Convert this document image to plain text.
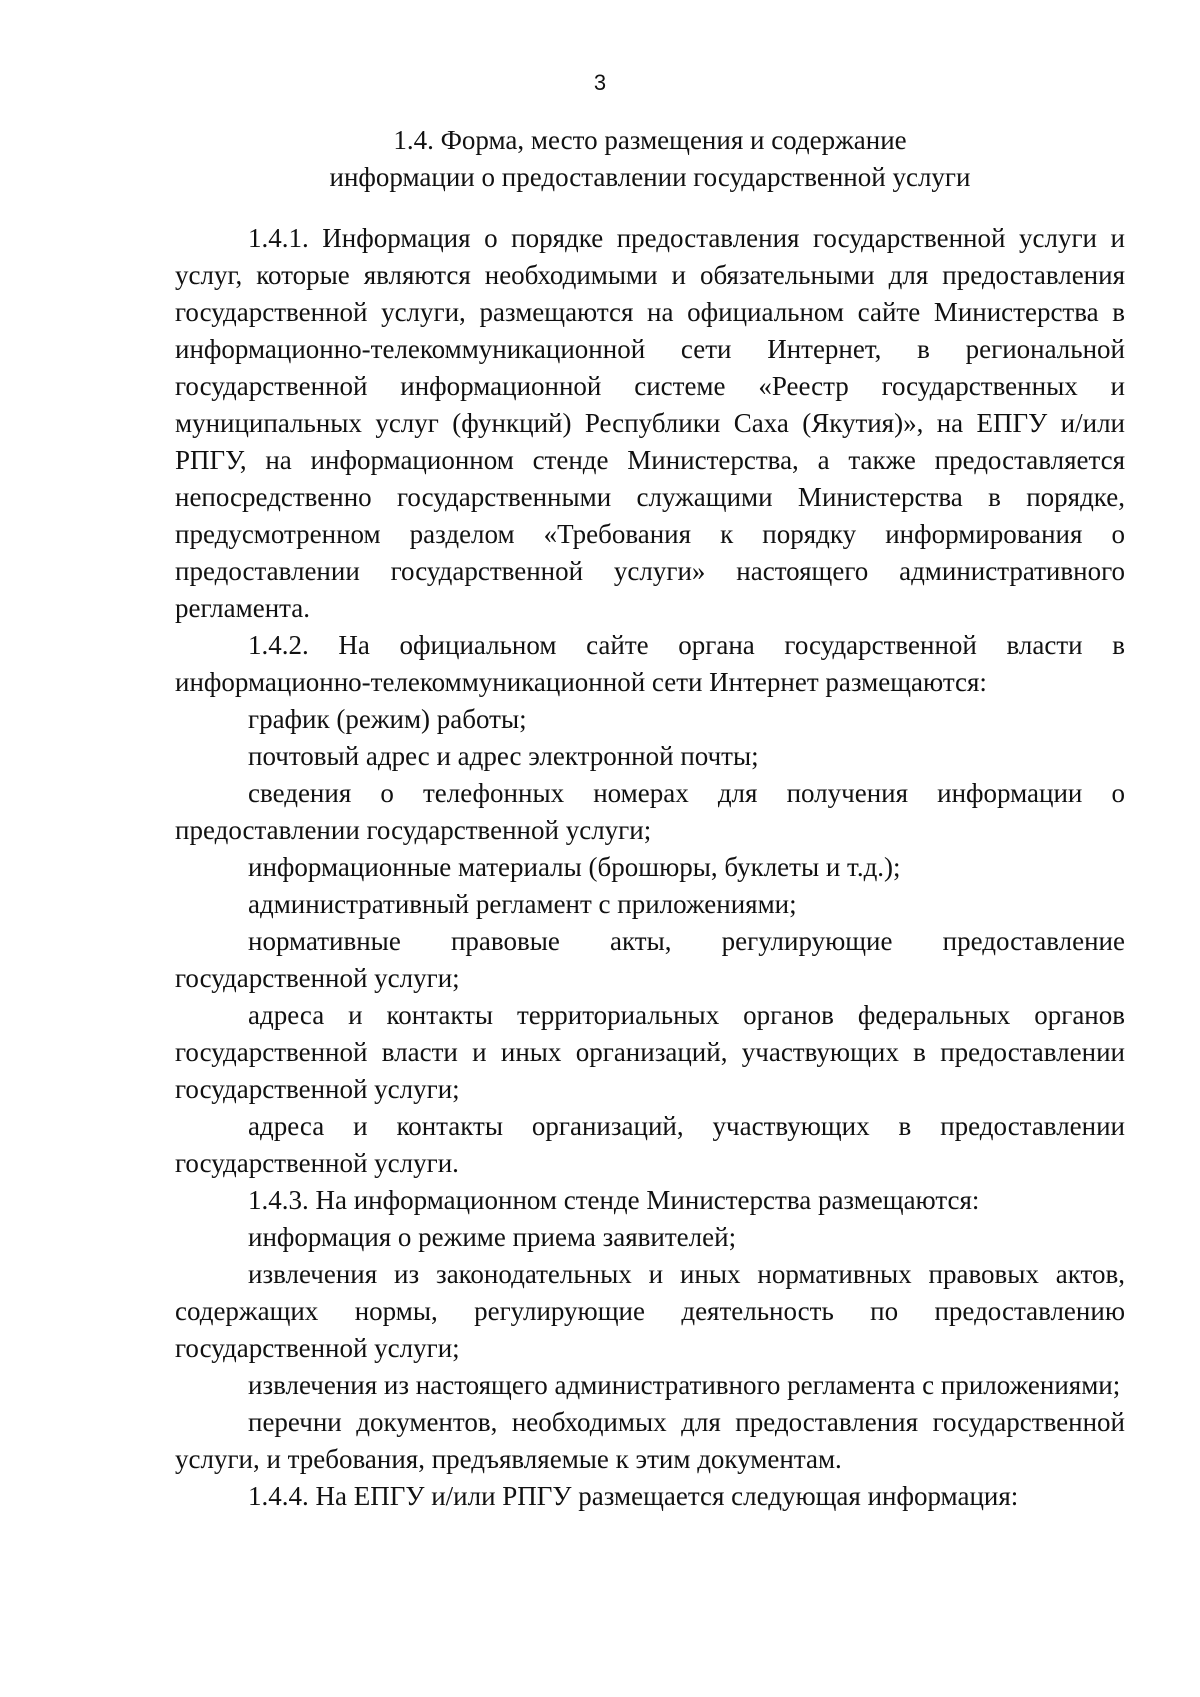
3
1.4. Форма, место размещения и содержание
информации о предоставлении государственной услуги

1.4.1. Информация о порядке предоставления государственной услуги и услуг, которые являются необходимыми и обязательными для предоставления государственной услуги, размещаются на официальном сайте Министерства в информационно-телекоммуникационной сети Интернет, в региональной государственной информационной системе «Реестр государственных и муниципальных услуг (функций) Республики Саха (Якутия)», на ЕПГУ и/или РПГУ, на информационном стенде Министерства, а также предоставляется непосредственно государственными служащими Министерства в порядке, предусмотренном разделом «Требования к порядку информирования о предоставлении государственной услуги» настоящего административного регламента.

1.4.2. На официальном сайте органа государственной власти в информационно-телекоммуникационной сети Интернет размещаются:

график (режим) работы;

почтовый адрес и адрес электронной почты;

сведения о телефонных номерах для получения информации о предоставлении государственной услуги;

информационные материалы (брошюры, буклеты и т.д.);

административный регламент с приложениями;

нормативные правовые акты, регулирующие предоставление государственной услуги;

адреса и контакты территориальных органов федеральных органов государственной власти и иных организаций, участвующих в предоставлении государственной услуги;

адреса и контакты организаций, участвующих в предоставлении государственной услуги.

1.4.3. На информационном стенде Министерства размещаются:

информация о режиме приема заявителей;

извлечения из законодательных и иных нормативных правовых актов, содержащих нормы, регулирующие деятельность по предоставлению государственной услуги;

извлечения из настоящего административного регламента с приложениями;

перечни документов, необходимых для предоставления государственной услуги, и требования, предъявляемые к этим документам.

1.4.4. На ЕПГУ и/или РПГУ размещается следующая информация:
